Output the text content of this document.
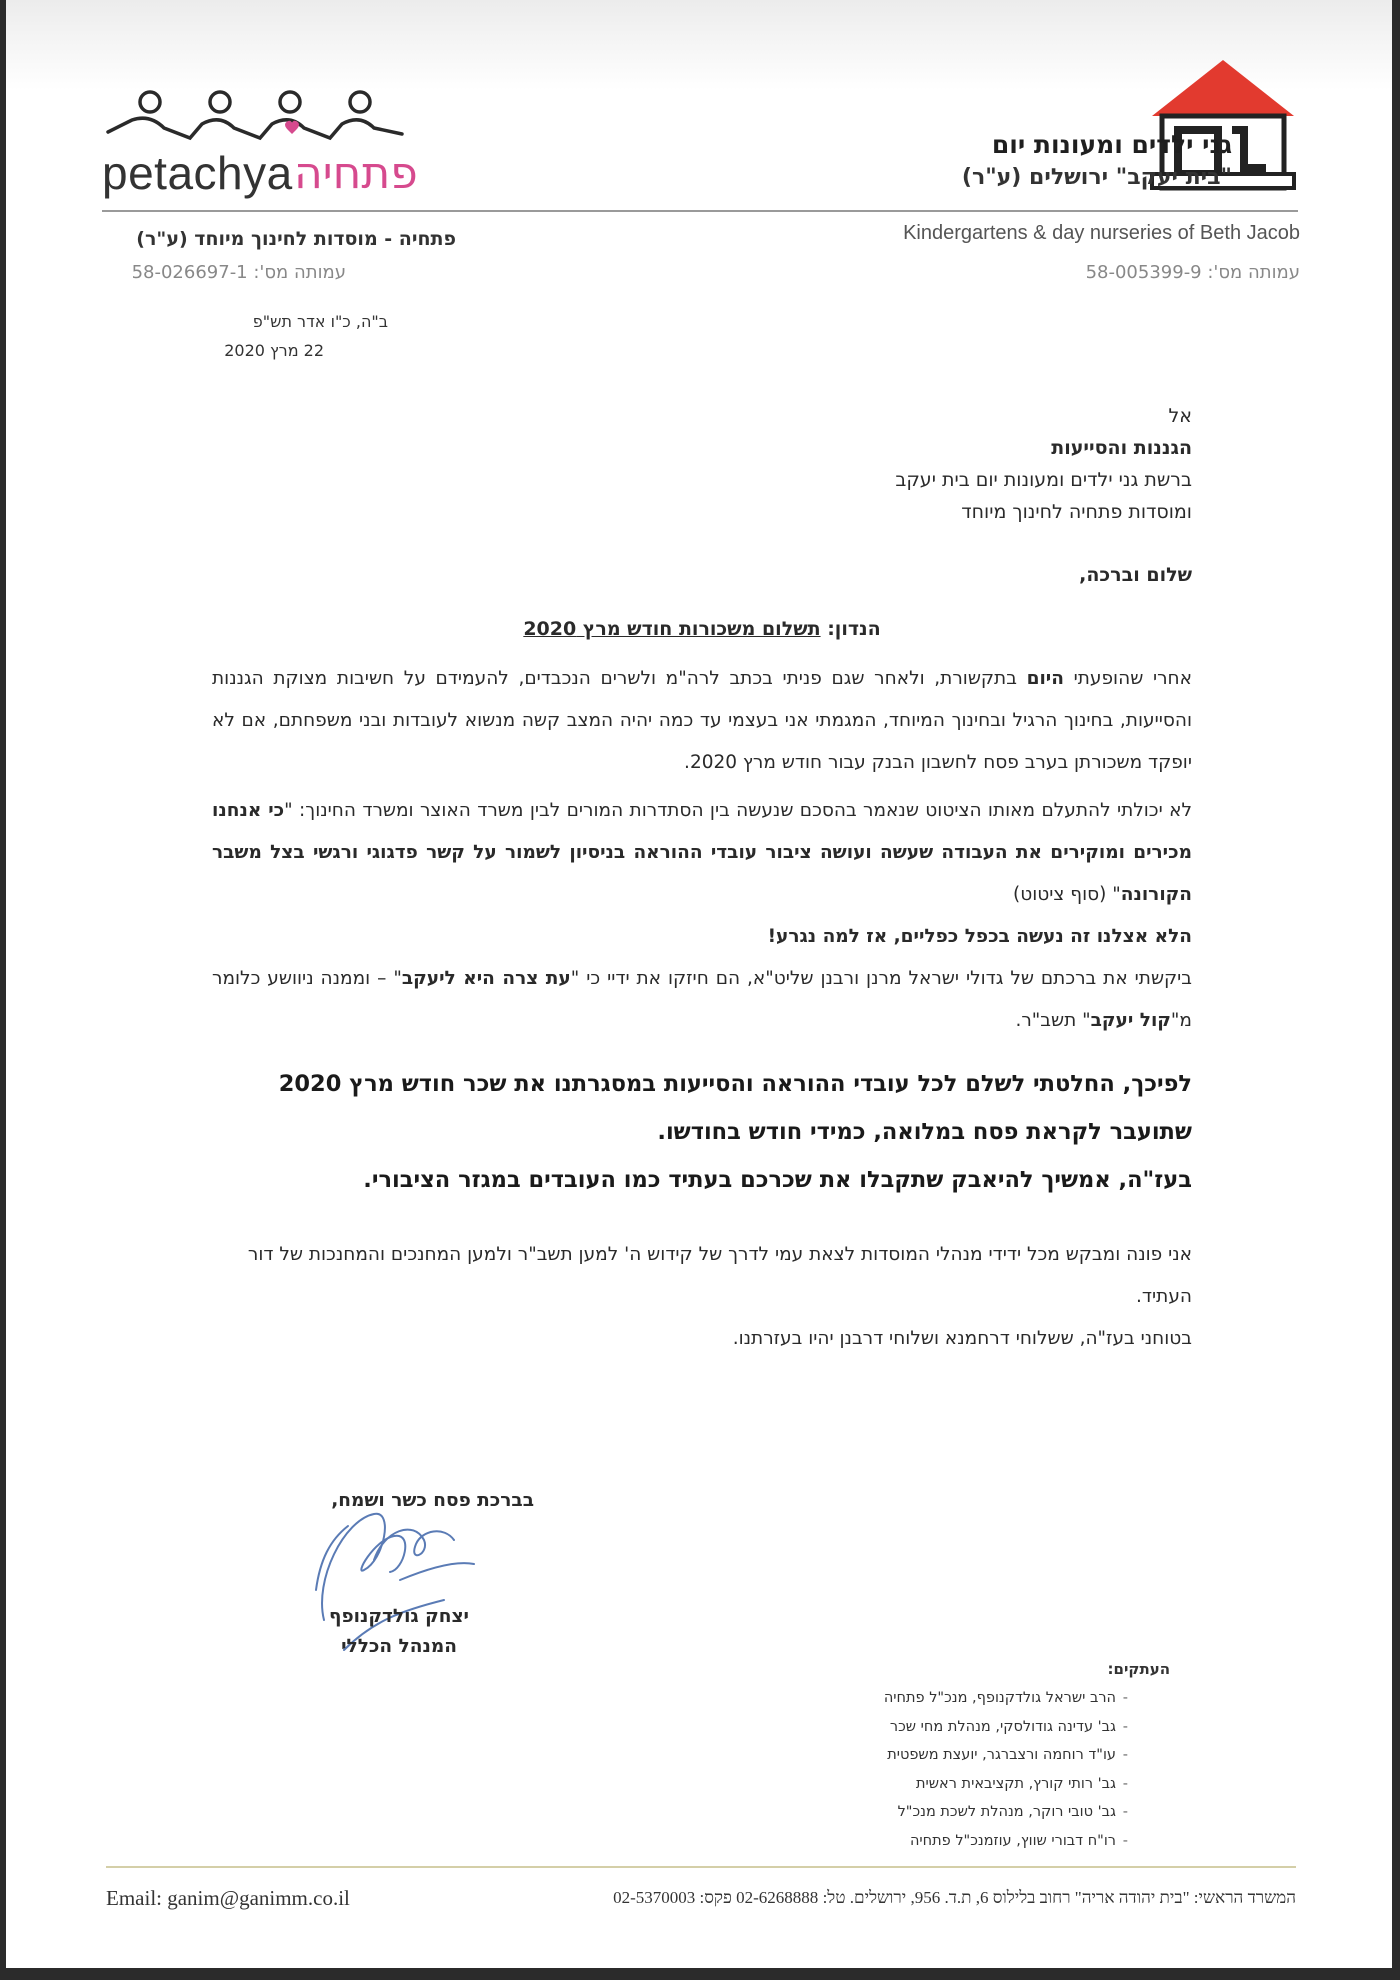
petachya פתחיה
גני ילדים ומעונות יום
"בית יעקב" ירושלים (ע"ר)
פתחיה - מוסדות לחינוך מיוחד (ע"ר)
עמותה מס': 58-026697-1
Kindergartens & day nurseries of Beth Jacob
עמותה מס': 58-005399-9
ב"ה, כ"ו אדר תש"פ
22 מרץ 2020
אל
הגננות והסייעות
ברשת גני ילדים ומעונות יום בית יעקב
ומוסדות פתחיה לחינוך מיוחד
שלום וברכה,
הנדון: תשלום משכורות חודש מרץ 2020
אחרי שהופעתי היום בתקשורת, ולאחר שגם פניתי בכתב לרה"מ ולשרים הנכבדים, להעמידם על חשיבות מצוקת הגננות והסייעות, בחינוך הרגיל ובחינוך המיוחד, המגמתי אני בעצמי עד כמה יהיה המצב קשה מנשוא לעובדות ובני משפחתם, אם לא יופקד משכורתן בערב פסח לחשבון הבנק עבור חודש מרץ 2020.
לא יכולתי להתעלם מאותו הציטוט שנאמר בהסכם שנעשה בין הסתדרות המורים לבין משרד האוצר ומשרד החינוך: "כי אנחנו מכירים ומוקירים את העבודה שעשה ועושה ציבור עובדי ההוראה בניסיון לשמור על קשר פדגוגי ורגשי בצל משבר הקורונה" (סוף ציטוט)
הלא אצלנו זה נעשה בכפל כפליים, אז למה נגרע!
ביקשתי את ברכתם של גדולי ישראל מרנן ורבנן שליט"א, הם חיזקו את ידיי כי "עת צרה היא ליעקב" – וממנה ניוושע כלומר מ"קול יעקב" תשב"ר.
לפיכך, החלטתי לשלם לכל עובדי ההוראה והסייעות במסגרתנו את שכר חודש מרץ 2020 שתועבר לקראת פסח במלואה, כמידי חודש בחודשו.
בעז"ה, אמשיך להיאבק שתקבלו את שכרכם בעתיד כמו העובדים במגזר הציבורי.
אני פונה ומבקש מכל ידידי מנהלי המוסדות לצאת עמי לדרך של קידוש ה' למען תשב"ר ולמען המחנכים והמחנכות של דור העתיד.
בטוחני בעז"ה, ששלוחי דרחמנא ושלוחי דרבנן יהיו בעזרתנו.
בברכת פסח כשר ושמח,
יצחק גולדקנופף
המנהל הכללי
העתקים:
- הרב ישראל גולדקנופף, מנכ"ל פתחיה
- גב' עדינה גודולסקי, מנהלת מחי שכר
- עו"ד רוחמה ורצברגר, יועצת משפטית
- גב' רותי קורץ, תקציבאית ראשית
- גב' טובי רוקר, מנהלת לשכת מנכ"ל
- רו"ח דבורי שווץ, עוזמנכ"ל פתחיה
Email: ganim@ganimm.co.il	המשרד הראשי: "בית יהודה אריה" רחוב בלילוס 6, ת.ד. 956, ירושלים. טל: 02-6268888 פקס: 02-5370003
